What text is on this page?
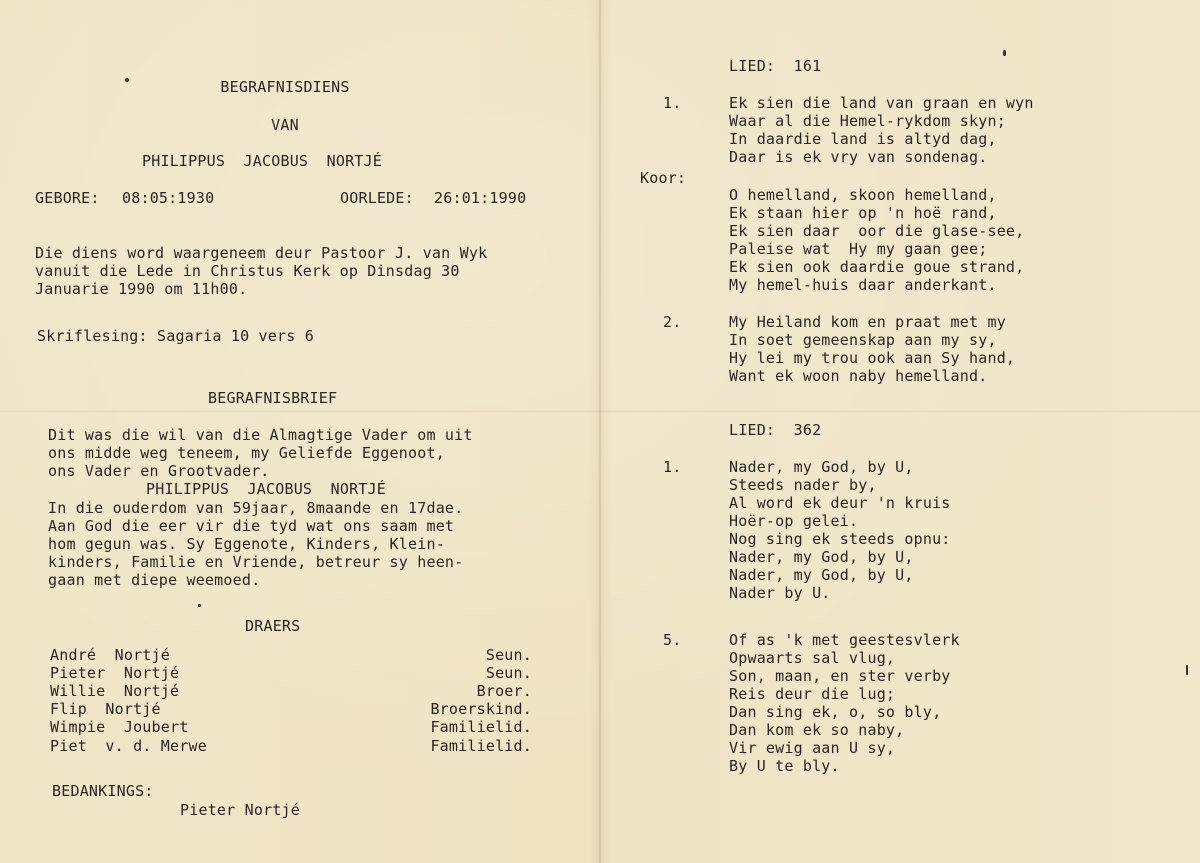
BEGRAFNISDIENS
VAN
PHILIPPUS  JACOBUS  NORTJÉ
GEBORE: 08:05:1930	OORLEDE: 26:01:1990
Die diens word waargeneem deur Pastoor J. van Wyk
vanuit die Lede in Christus Kerk op Dinsdag 30
Januarie 1990 om 11h00.
Skriflesing: Sagaria 10 vers 6
BEGRAFNISBRIEF
Dit was die wil van die Almagtige Vader om uit
ons midde weg teneem, my Geliefde Eggenoot,
ons Vader en Grootvader.
PHILIPPUS  JACOBUS  NORTJÉ
In die ouderdom van 59jaar, 8maande en 17dae.
Aan God die eer vir die tyd wat ons saam met
hom gegun was. Sy Eggenote, Kinders, Klein-
kinders, Familie en Vriende, betreur sy heen-
gaan met diepe weemoed.
DRAERS
André  Nortjé	Seun.
Pieter  Nortjé	Seun.
Willie  Nortjé	Broer.
Flip  Nortjé	Broerskind.
Wimpie  Joubert	Familielid.
Piet  v. d. Merwe	Familielid.
BEDANKINGS:
Pieter Nortjé
LIED:  161
1.	Ek sien die land van graan en wyn
Waar al die Hemel-rykdom skyn;
In daardie land is altyd dag,
Daar is ek vry van sondenag.
Koor:
O hemelland, skoon hemelland,
Ek staan hier op 'n hoë rand,
Ek sien daar  oor die glase-see,
Paleise wat  Hy my gaan gee;
Ek sien ook daardie goue strand,
My hemel-huis daar anderkant.
2.	My Heiland kom en praat met my
In soet gemeenskap aan my sy,
Hy lei my trou ook aan Sy hand,
Want ek woon naby hemelland.
LIED:  362
1.	Nader, my God, by U,
Steeds nader by,
Al word ek deur 'n kruis
Hoër-op gelei.
Nog sing ek steeds opnu:
Nader, my God, by U,
Nader, my God, by U,
Nader by U.
5.	Of as 'k met geestesvlerk
Opwaarts sal vlug,
Son, maan, en ster verby
Reis deur die lug;
Dan sing ek, o, so bly,
Dan kom ek so naby,
Vir ewig aan U sy,
By U te bly.
